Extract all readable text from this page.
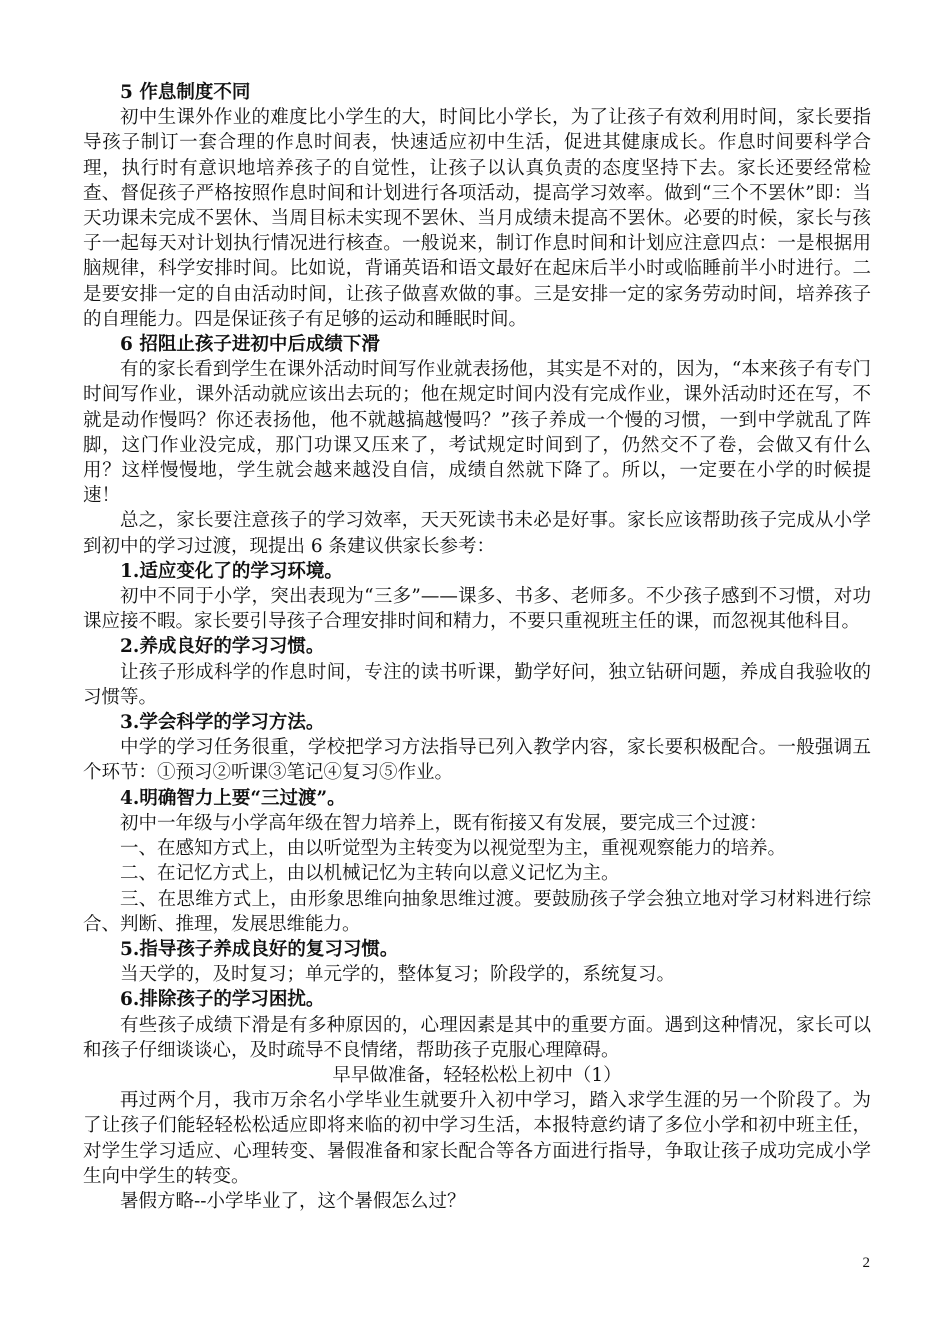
5 作息制度不同

初中生课外作业的难度比小学生的大，时间比小学长，为了让孩子有效利用时间，家长要指导孩子制订一套合理的作息时间表，快速适应初中生活，促进其健康成长。作息时间要科学合理，执行时有意识地培养孩子的自觉性，让孩子以认真负责的态度坚持下去。家长还要经常检查、督促孩子严格按照作息时间和计划进行各项活动，提高学习效率。做到“三个不罢休”即：当天功课未完成不罢休、当周目标未实现不罢休、当月成绩未提高不罢休。必要的时候，家长与孩子一起每天对计划执行情况进行核查。一般说来，制订作息时间和计划应注意四点：一是根据用脑规律，科学安排时间。比如说，背诵英语和语文最好在起床后半小时或临睡前半小时进行。二是要安排一定的自由活动时间，让孩子做喜欢做的事。三是安排一定的家务劳动时间，培养孩子的自理能力。四是保证孩子有足够的运动和睡眠时间。

6 招阻止孩子进初中后成绩下滑

有的家长看到学生在课外活动时间写作业就表扬他，其实是不对的，因为，“本来孩子有专门时间写作业，课外活动就应该出去玩的；他在规定时间内没有完成作业，课外活动时还在写，不就是动作慢吗？你还表扬他，他不就越搞越慢吗？”孩子养成一个慢的习惯，一到中学就乱了阵脚，这门作业没完成，那门功课又压来了，考试规定时间到了，仍然交不了卷，会做又有什么用？这样慢慢地，学生就会越来越没自信，成绩自然就下降了。所以，一定要在小学的时候提速！

总之，家长要注意孩子的学习效率，天天死读书未必是好事。家长应该帮助孩子完成从小学到初中的学习过渡，现提出 6 条建议供家长参考：

1.适应变化了的学习环境。

初中不同于小学，突出表现为“三多”——课多、书多、老师多。不少孩子感到不习惯，对功课应接不暇。家长要引导孩子合理安排时间和精力，不要只重视班主任的课，而忽视其他科目。

2.养成良好的学习习惯。

让孩子形成科学的作息时间，专注的读书听课，勤学好问，独立钻研问题，养成自我验收的习惯等。

3.学会科学的学习方法。

中学的学习任务很重，学校把学习方法指导已列入教学内容，家长要积极配合。一般强调五个环节：①预习②听课③笔记④复习⑤作业。

4.明确智力上要“三过渡”。

初中一年级与小学高年级在智力培养上，既有衔接又有发展，要完成三个过渡：

一、在感知方式上，由以听觉型为主转变为以视觉型为主，重视观察能力的培养。

二、在记忆方式上，由以机械记忆为主转向以意义记忆为主。

三、在思维方式上，由形象思维向抽象思维过渡。要鼓励孩子学会独立地对学习材料进行综合、判断、推理，发展思维能力。

5.指导孩子养成良好的复习习惯。

当天学的，及时复习；单元学的，整体复习；阶段学的，系统复习。

6.排除孩子的学习困扰。

有些孩子成绩下滑是有多种原因的，心理因素是其中的重要方面。遇到这种情况，家长可以和孩子仔细谈谈心，及时疏导不良情绪，帮助孩子克服心理障碍。

早早做准备，轻轻松松上初中（1）

再过两个月，我市万余名小学毕业生就要升入初中学习，踏入求学生涯的另一个阶段了。为了让孩子们能轻轻松松适应即将来临的初中学习生活，本报特意约请了多位小学和初中班主任，对学生学习适应、心理转变、暑假准备和家长配合等各方面进行指导，争取让孩子成功完成小学生向中学生的转变。

暑假方略--小学毕业了，这个暑假怎么过？

2
